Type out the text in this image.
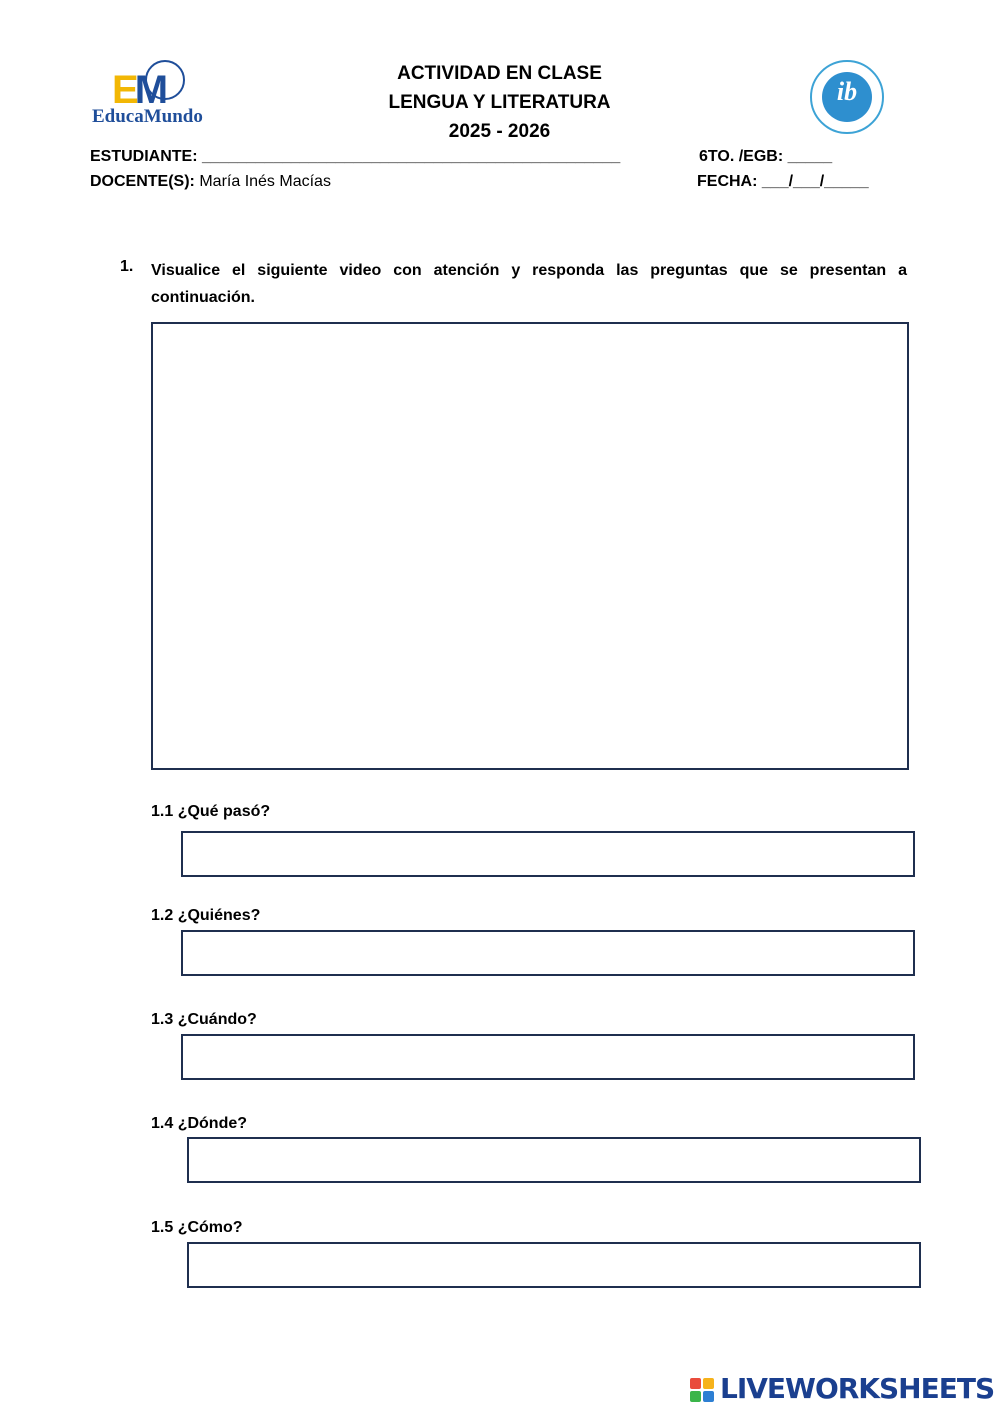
EM
EducaMundo
ib
ACTIVIDAD EN CLASE
LENGUA Y LITERATURA
2025 - 2026
ESTUDIANTE: _______________________________________________	6TO. /EGB: _____
DOCENTE(S): María Inés Macías	FECHA: ___/___/_____
1. Visualice el siguiente video con atención y responda las preguntas que se presentan a continuación.
1.1 ¿Qué pasó?
1.2 ¿Quiénes?
1.3 ¿Cuándo?
1.4 ¿Dónde?
1.5 ¿Cómo?
LIVEWORKSHEETS
